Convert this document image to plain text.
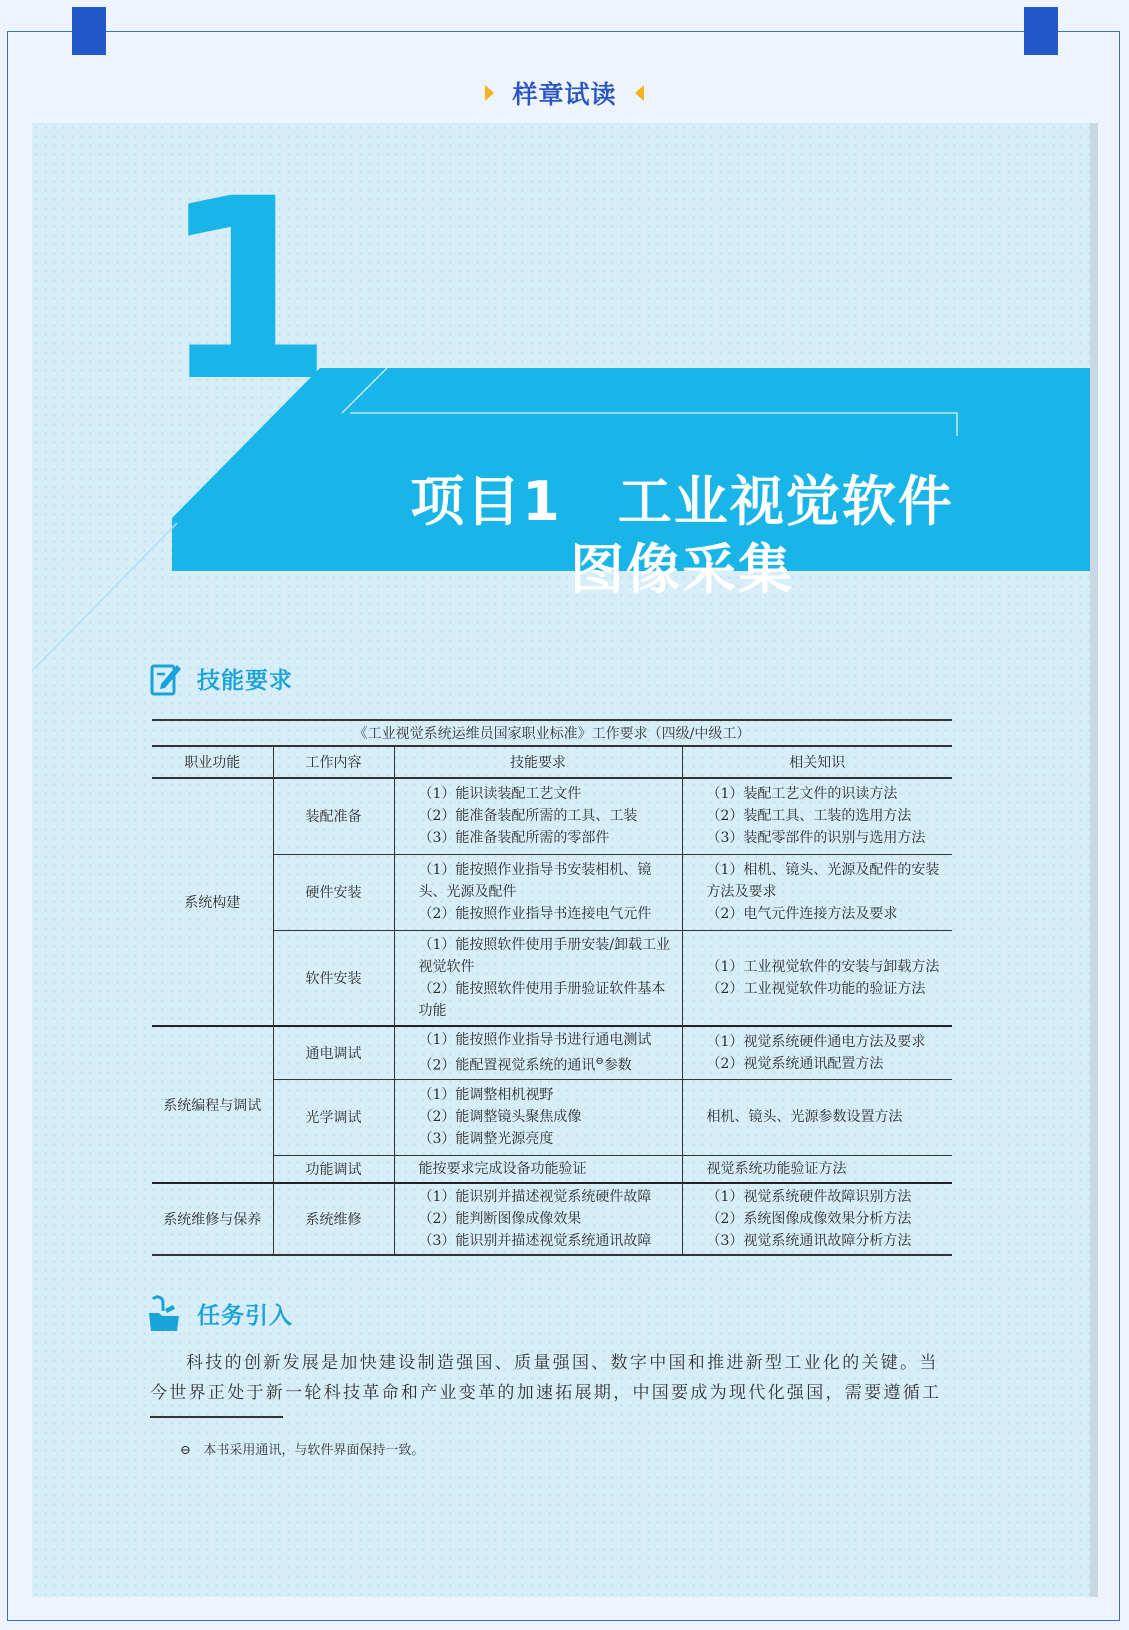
样章试读
1
项目1　工业视觉软件
图像采集
技能要求
《工业视觉系统运维员国家职业标准》工作要求（四级/中级工）
职业功能	工作内容	技能要求	相关知识
系统构建	装配准备	（1）能识读装配工艺文件
（2）能准备装配所需的工具、工装
（3）能准备装配所需的零部件	（1）装配工艺文件的识读方法
（2）装配工具、工装的选用方法
（3）装配零部件的识别与选用方法

	硬件安装	（1）能按照作业指导书安装相机、镜头、光源及配件
（2）能按照作业指导书连接电气元件	（1）相机、镜头、光源及配件的安装方法及要求
（2）电气元件连接方法及要求

	软件安装	（1）能按照软件使用手册安装/卸载工业视觉软件
（2）能按照软件使用手册验证软件基本功能	（1）工业视觉软件的安装与卸载方法
（2）工业视觉软件功能的验证方法

系统编程与调试	通电调试	（1）能按照作业指导书进行通电测试
（2）能配置视觉系统的通讯⊖参数	（1）视觉系统硬件通电方法及要求
（2）视觉系统通讯配置方法

	光学调试	（1）能调整相机视野
（2）能调整镜头聚焦成像
（3）能调整光源亮度	相机、镜头、光源参数设置方法

	功能调试	能按要求完成设备功能验证	视觉系统功能验证方法

系统维修与保养	系统维修	（1）能识别并描述视觉系统硬件故障
（2）能判断图像成像效果
（3）能识别并描述视觉系统通讯故障	（1）视觉系统硬件故障识别方法
（2）系统图像成像效果分析方法
（3）视觉系统通讯故障分析方法
任务引入
科技的创新发展是加快建设制造强国、质量强国、数字中国和推进新型工业化的关键。当
今世界正处于新一轮科技革命和产业变革的加速拓展期，中国要成为现代化强国，需要遵循工
⊖ 本书采用通讯，与软件界面保持一致。
